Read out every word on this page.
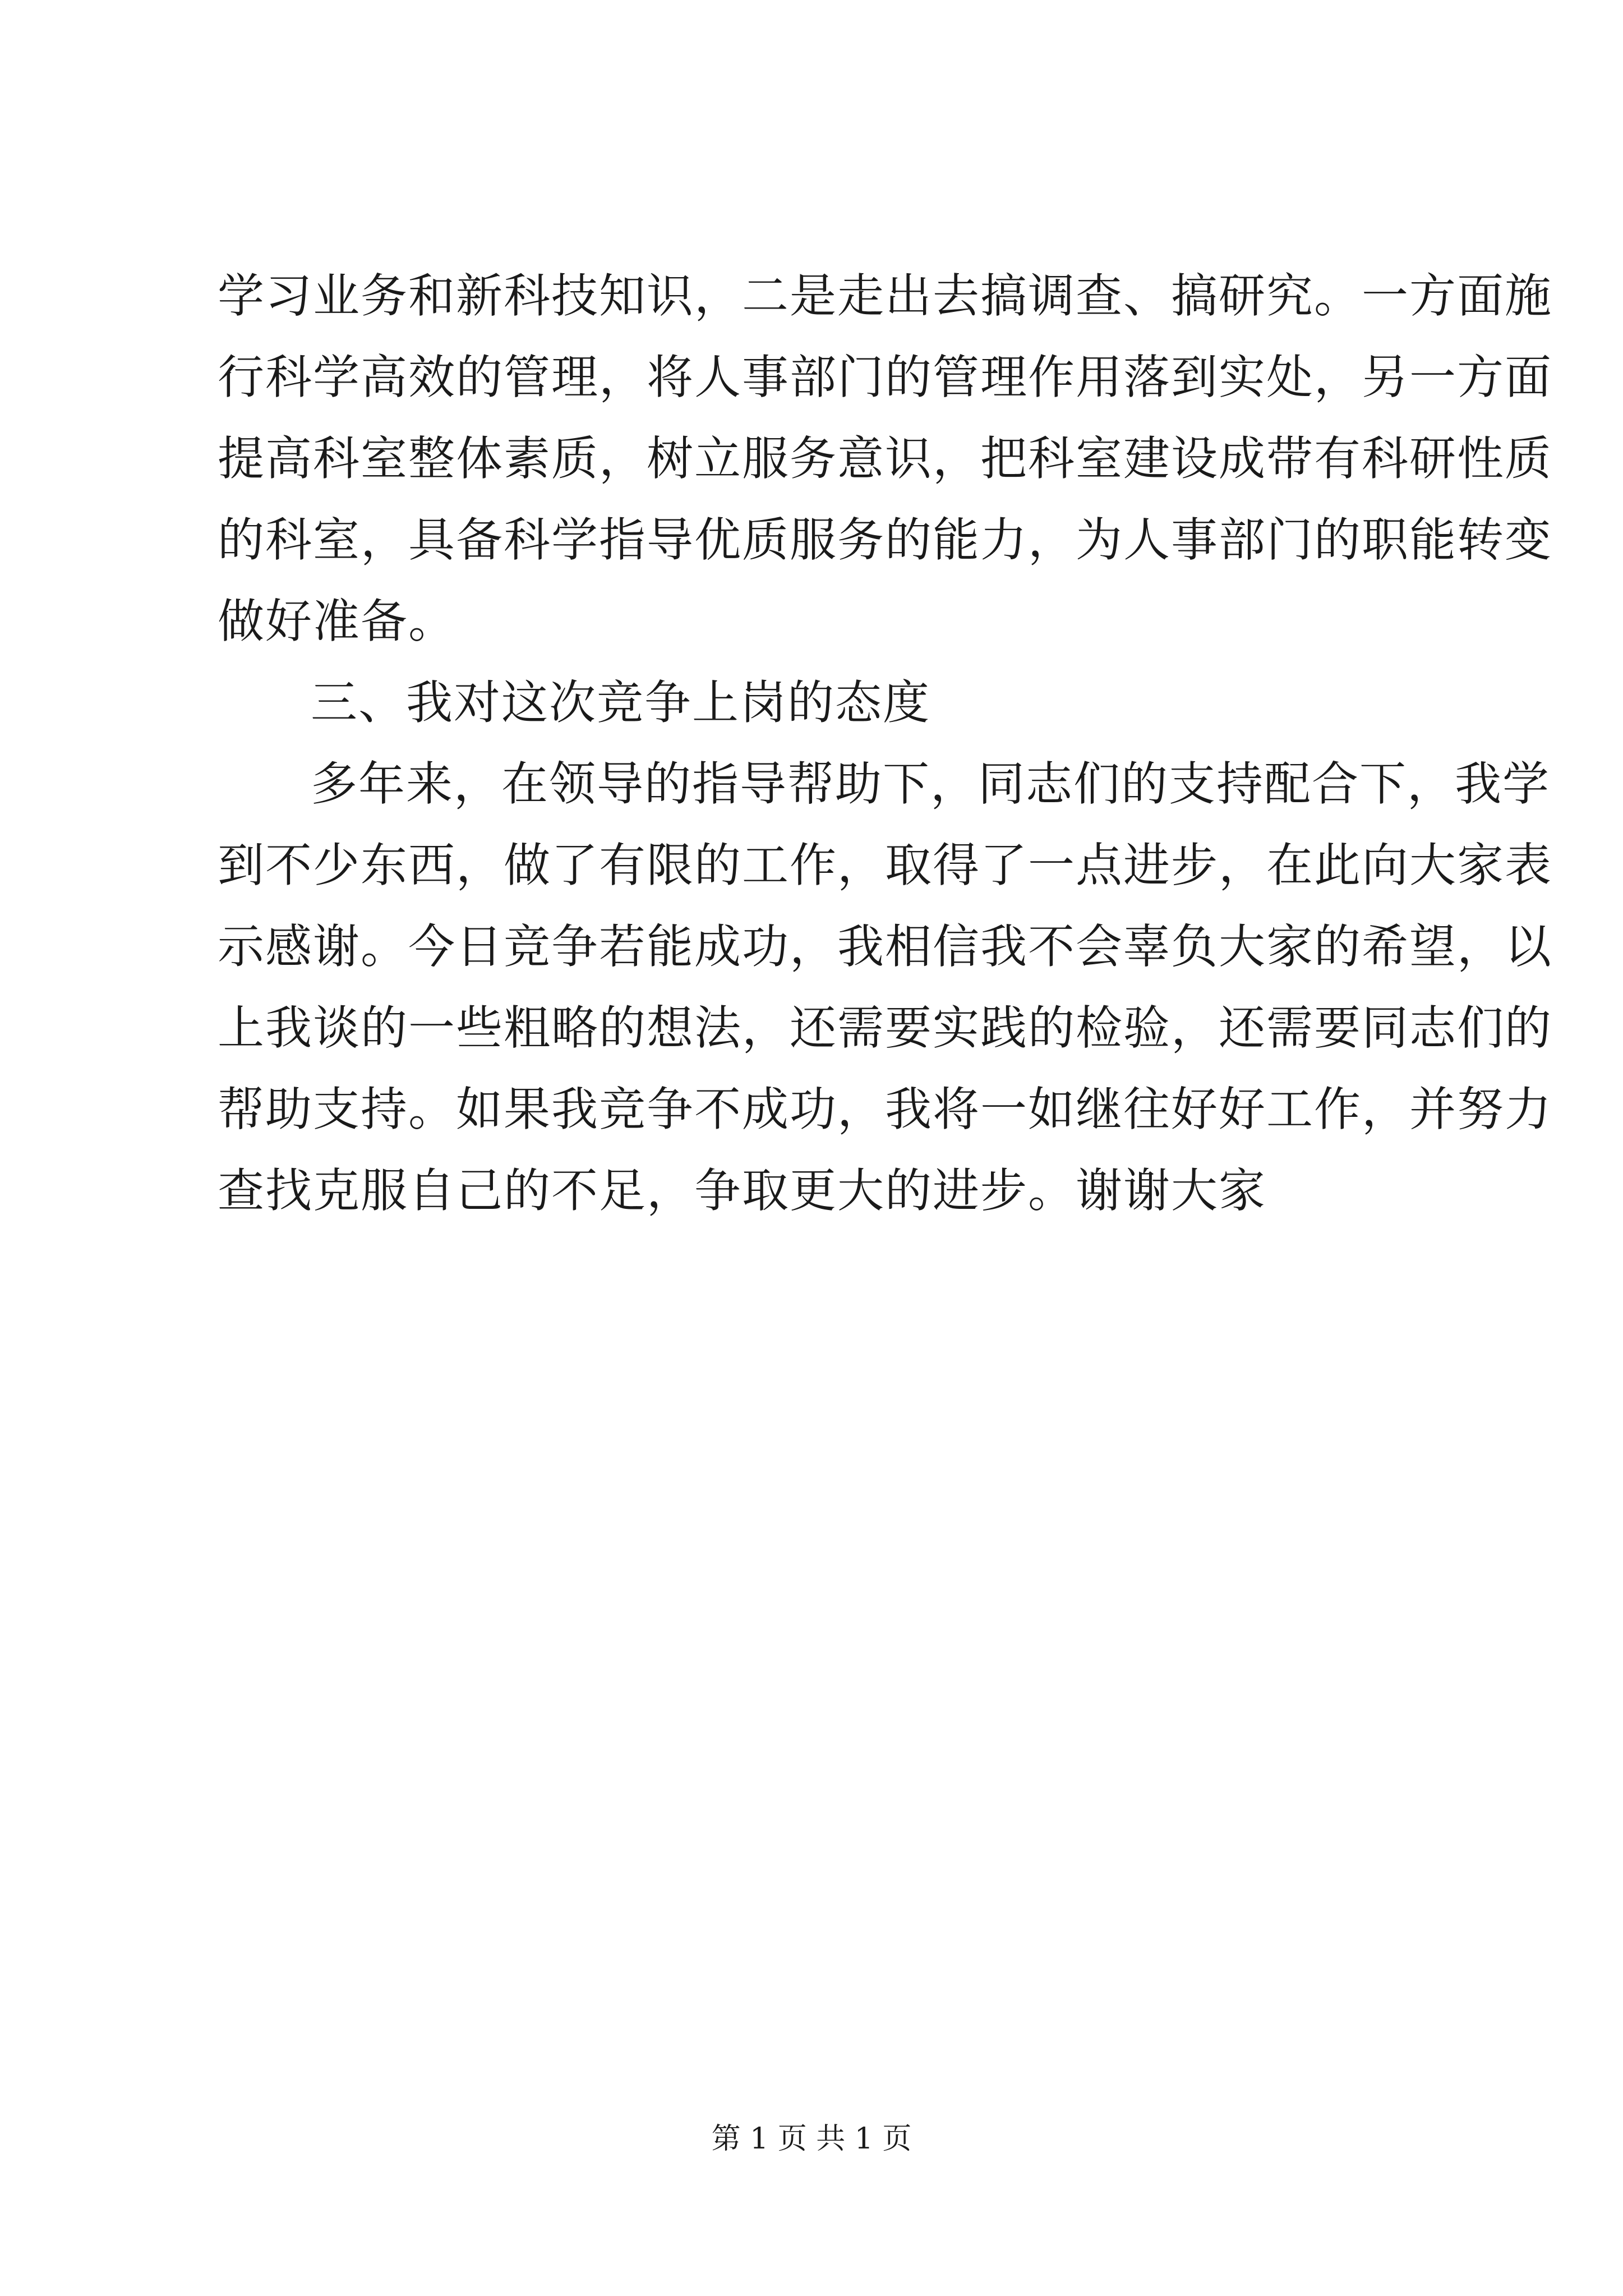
学习业务和新科技知识，二是走出去搞调查、搞研究。一方面施
行科学高效的管理，将人事部门的管理作用落到实处，另一方面
提高科室整体素质，树立服务意识，把科室建设成带有科研性质
的科室，具备科学指导优质服务的能力，为人事部门的职能转变
做好准备。
三、我对这次竞争上岗的态度
多年来，在领导的指导帮助下，同志们的支持配合下，我学
到不少东西，做了有限的工作，取得了一点进步，在此向大家表
示感谢。今日竞争若能成功，我相信我不会辜负大家的希望，以
上我谈的一些粗略的想法，还需要实践的检验，还需要同志们的
帮助支持。如果我竞争不成功，我将一如继往好好工作，并努力
查找克服自己的不足，争取更大的进步。谢谢大家
第 1 页 共 1 页
